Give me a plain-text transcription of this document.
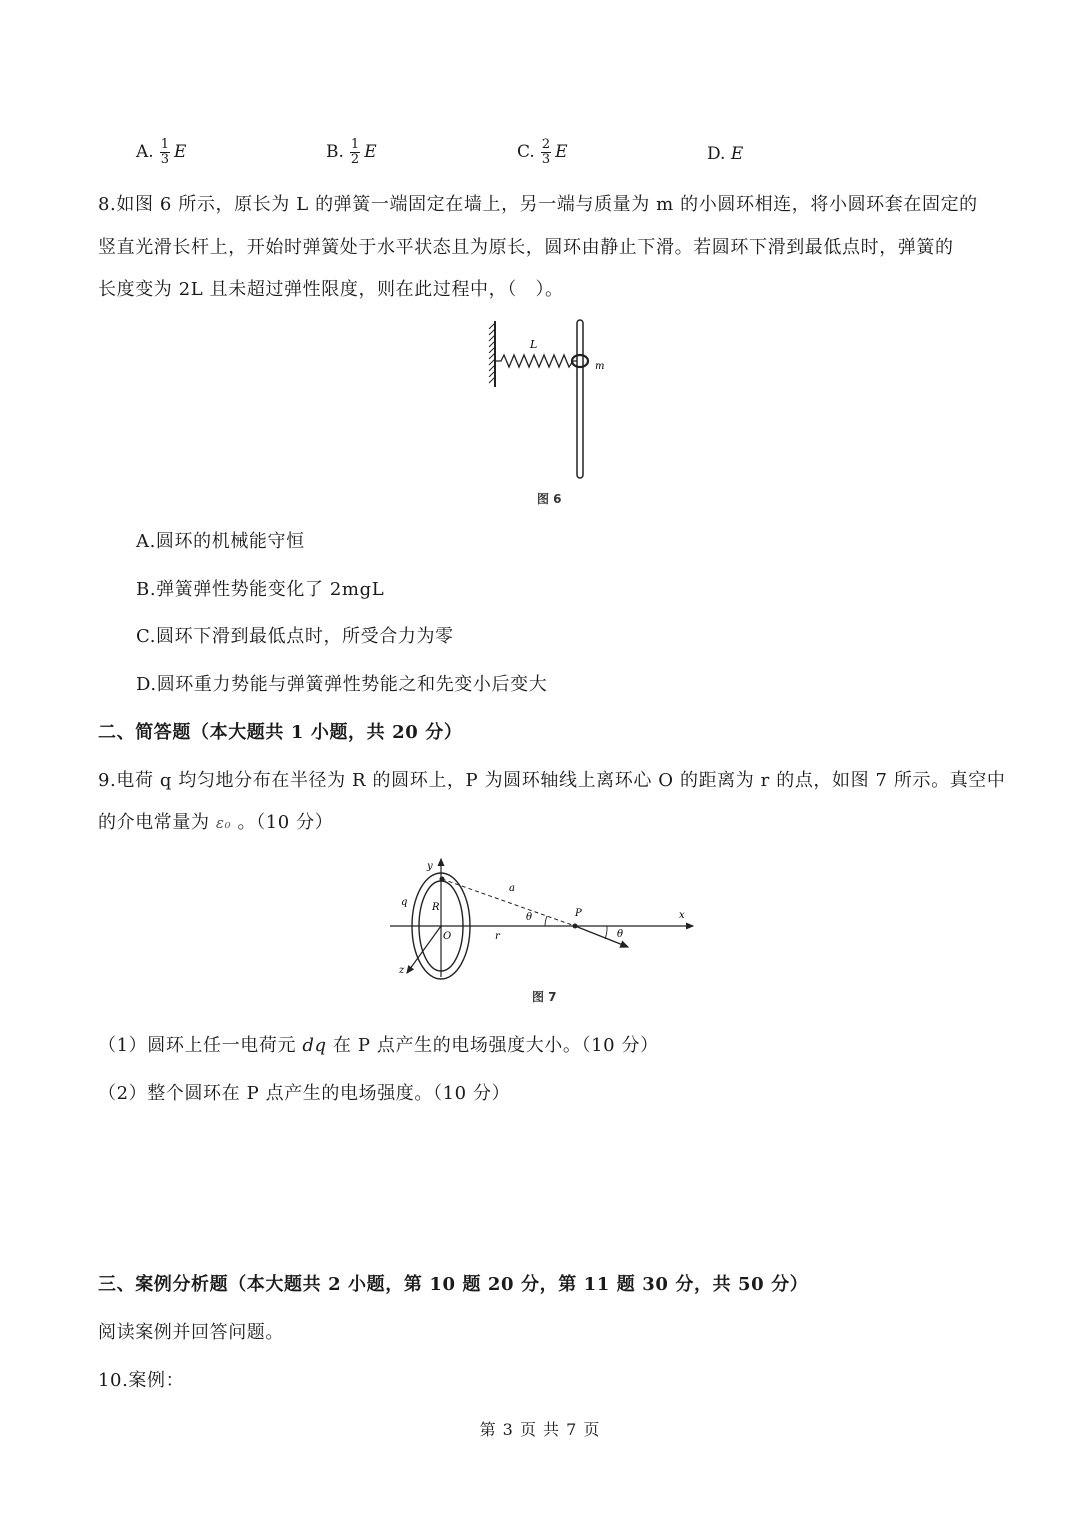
A. $\frac{1}{3}$ E	B. $\frac{1}{2}$ E	C. $\frac{2}{3}$ E	D. E
8.如图 6 所示，原长为 L 的弹簧一端固定在墙上，另一端与质量为 m 的小圆环相连，将小圆环套在固定的
竖直光滑长杆上，开始时弹簧处于水平状态且为原长，圆环由静止下滑。若圆环下滑到最低点时，弹簧的
长度变为 2L 且未超过弹性限度，则在此过程中，（　）。
L
m
图 6
A.圆环的机械能守恒
B.弹簧弹性势能变化了 2mgL
C.圆环下滑到最低点时，所受合力为零
D.圆环重力势能与弹簧弹性势能之和先变小后变大
二、简答题（本大题共 1 小题，共 20 分）
9.电荷 q 均匀地分布在半径为 R 的圆环上，P 为圆环轴线上离环心 O 的距离为 r 的点，如图 7 所示。真空中
的介电常量为 ε₀ 。（10 分）
y
q R
O
z
a
θ	P
r	θ
x
图 7
（1）圆环上任一电荷元 dq 在 P 点产生的电场强度大小。（10 分）
（2）整个圆环在 P 点产生的电场强度。（10 分）
三、案例分析题（本大题共 2 小题，第 10 题 20 分，第 11 题 30 分，共 50 分）
阅读案例并回答问题。
10.案例：
第 3 页 共 7 页
